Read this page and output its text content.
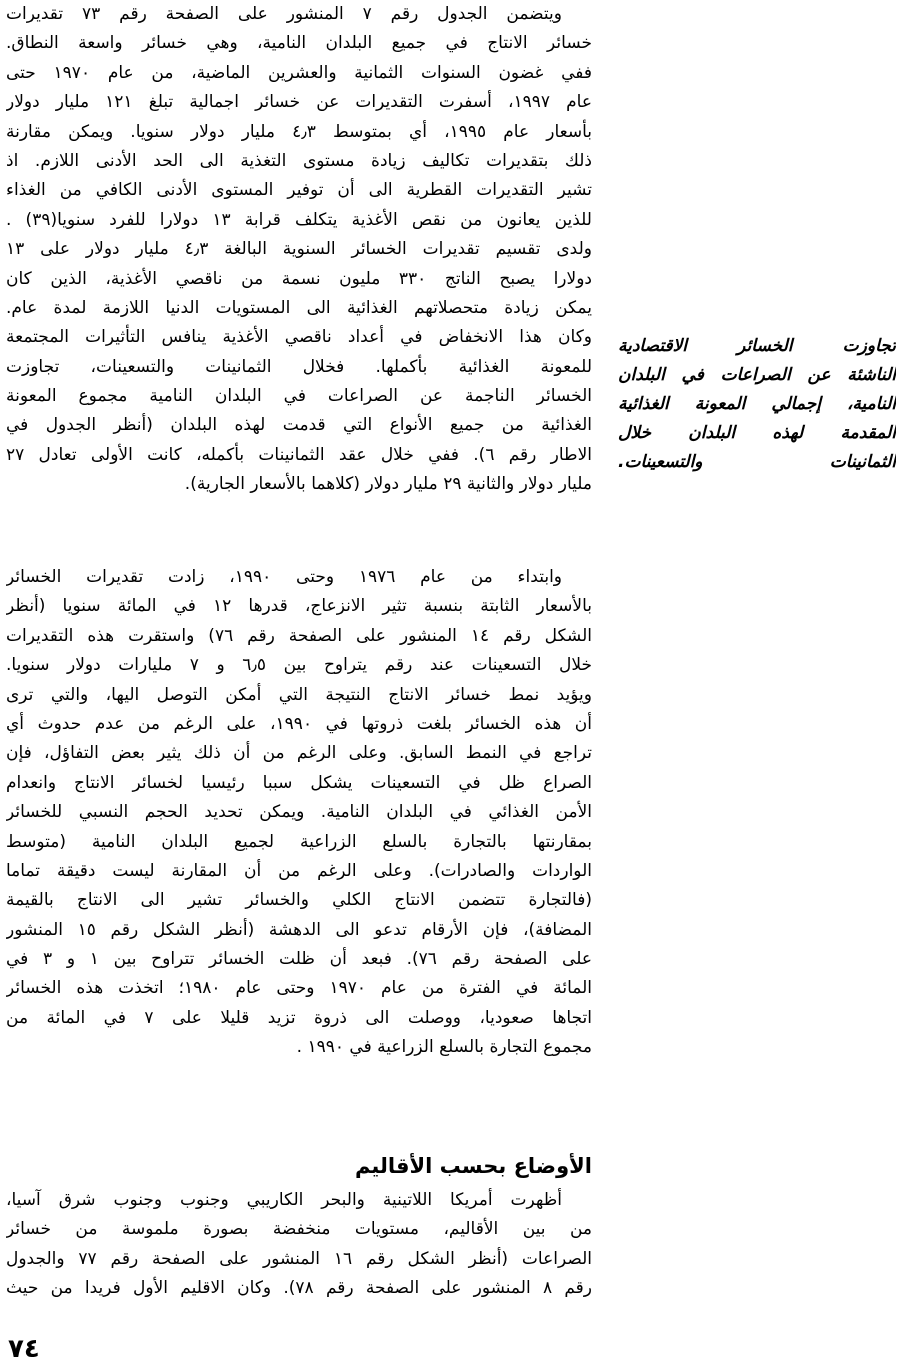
ويتضمن الجدول رقم ٧ المنشور على الصفحة رقم ٧٣ تقديرات
خسائر الانتاج في جميع البلدان النامية، وهي خسائر واسعة النطاق.
ففي غضون السنوات الثمانية والعشرين الماضية، من عام ١٩٧٠ حتى
عام ١٩٩٧، أسفرت التقديرات عن خسائر اجمالية تبلغ ١٢١ مليار دولار
بأسعار عام ١٩٩٥، أي بمتوسط ٤٫٣ مليار دولار سنويا. ويمكن مقارنة
ذلك بتقديرات تكاليف زيادة مستوى التغذية الى الحد الأدنى اللازم. اذ
تشير التقديرات القطرية الى أن توفير المستوى الأدنى الكافي من الغذاء
للذين يعانون من نقص الأغذية يتكلف قرابة ١٣ دولارا للفرد سنويا(٣٩) .
ولدى تقسيم تقديرات الخسائر السنوية البالغة ٤٫٣ مليار دولار على ١٣
دولارا يصبح الناتج ٣٣٠ مليون نسمة من ناقصي الأغذية، الذين كان
يمكن زيادة متحصلاتهم الغذائية الى المستويات الدنيا اللازمة لمدة عام.
وكان هذا الانخفاض في أعداد ناقصي الأغذية ينافس التأثيرات المجتمعة
للمعونة الغذائية بأكملها. فخلال الثمانينات والتسعينات، تجاوزت
الخسائر الناجمة عن الصراعات في البلدان النامية مجموع المعونة
الغذائية من جميع الأنواع التي قدمت لهذه البلدان (أنظر الجدول في
الاطار رقم ٦). ففي خلال عقد الثمانينات بأكمله، كانت الأولى تعادل ٢٧
مليار دولار والثانية ٢٩ مليار دولار (كلاهما بالأسعار الجارية).
وابتداء من عام ١٩٧٦ وحتى ١٩٩٠، زادت تقديرات الخسائر
بالأسعار الثابتة بنسبة تثير الانزعاج، قدرها ١٢ في المائة سنويا (أنظر
الشكل رقم ١٤ المنشور على الصفحة رقم ٧٦) واستقرت هذه التقديرات
خلال التسعينات عند رقم يتراوح بين ٦٫٥ و ٧ مليارات دولار سنويا.
ويؤيد نمط خسائر الانتاج النتيجة التي أمكن التوصل اليها، والتي ترى
أن هذه الخسائر بلغت ذروتها في ١٩٩٠، على الرغم من عدم حدوث أي
تراجع في النمط السابق. وعلى الرغم من أن ذلك يثير بعض التفاؤل، فإن
الصراع ظل في التسعينات يشكل سببا رئيسيا لخسائر الانتاج وانعدام
الأمن الغذائي في البلدان النامية. ويمكن تحديد الحجم النسبي للخسائر
بمقارنتها بالتجارة بالسلع الزراعية لجميع البلدان النامية (متوسط
الواردات والصادرات). وعلى الرغم من أن المقارنة ليست دقيقة تماما
(فالتجارة تتضمن الانتاج الكلي والخسائر تشير الى الانتاج بالقيمة
المضافة)، فإن الأرقام تدعو الى الدهشة (أنظر الشكل رقم ١٥ المنشور
على الصفحة رقم ٧٦). فبعد أن ظلت الخسائر تتراوح بين ١ و ٣ في
المائة في الفترة من عام ١٩٧٠ وحتى عام ١٩٨٠؛ اتخذت هذه الخسائر
اتجاها صعوديا، ووصلت الى ذروة تزيد قليلا على ٧ في المائة من
مجموع التجارة بالسلع الزراعية في ١٩٩٠ .
الأوضاع بحسب الأقاليم
أظهرت أمريكا اللاتينية والبحر الكاريبي وجنوب وجنوب شرق آسيا،
من بين الأقاليم، مستويات منخفضة بصورة ملموسة من خسائر
الصراعات (أنظر الشكل رقم ١٦ المنشور على الصفحة رقم ٧٧ والجدول
رقم ٨ المنشور على الصفحة رقم ٧٨). وكان الاقليم الأول فريدا من حيث
تجاوزت الخسائر الاقتصادية
الناشئة عن الصراعات في البلدان
النامية، إجمالي المعونة الغذائية
المقدمة لهذه البلدان خلال
الثمانينات والتسعينات.
٧٤
